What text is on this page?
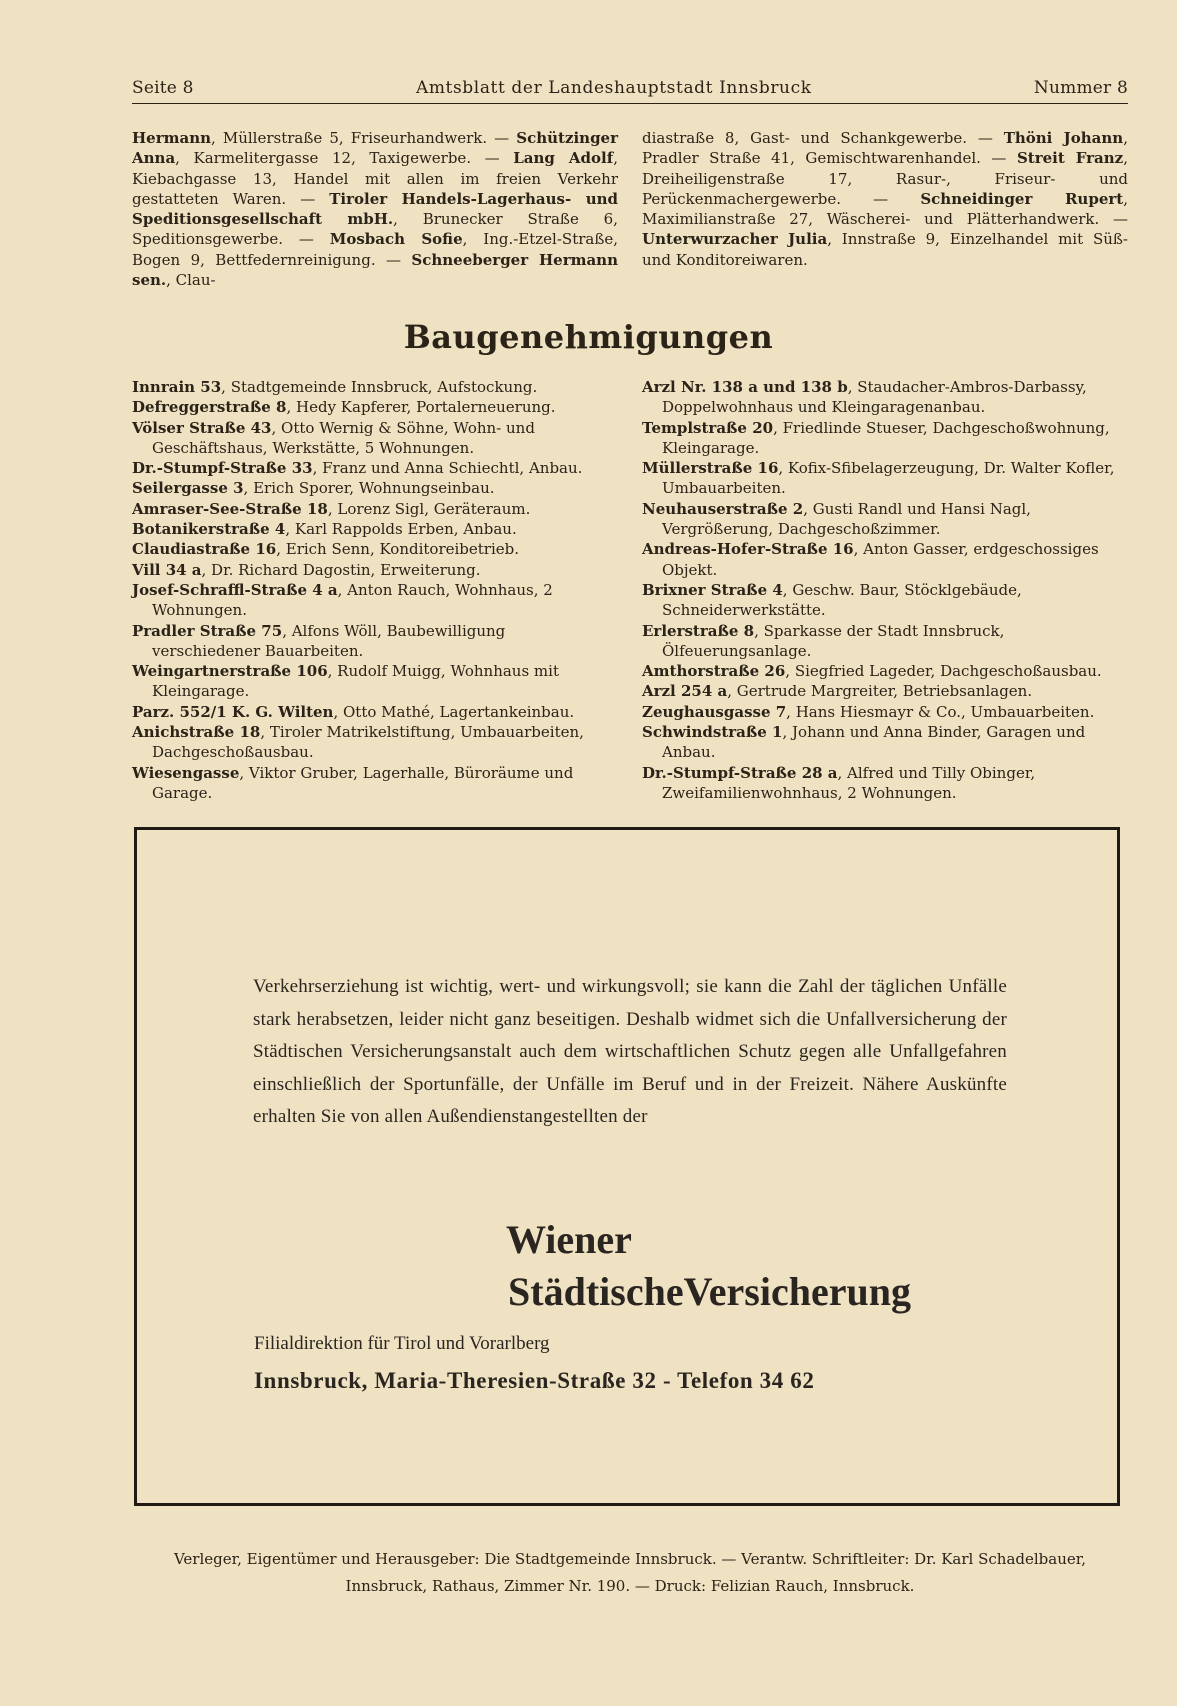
Seite 8	Amtsblatt der Landeshauptstadt Innsbruck	Nummer 8
Hermann, Müllerstraße 5, Friseurhandwerk. — Schützinger Anna, Karmelitergasse 12, Taxigewerbe. — Lang Adolf, Kiebachgasse 13, Handel mit allen im freien Verkehr gestatteten Waren. — Tiroler Handels-Lagerhaus- und Speditionsgesellschaft mbH., Brunecker Straße 6, Speditionsgewerbe. — Mosbach Sofie, Ing.-Etzel-Straße, Bogen 9, Bettfedernreinigung. — Schneeberger Hermann sen., Clau-
diastraße 8, Gast- und Schankgewerbe. — Thöni Johann, Pradler Straße 41, Gemischtwarenhandel. — Streit Franz, Dreiheiligenstraße 17, Rasur-, Friseur- und Perückenmachergewerbe. — Schneidinger Rupert, Maximilianstraße 27, Wäscherei- und Plätterhandwerk. — Unterwurzacher Julia, Innstraße 9, Einzelhandel mit Süß- und Konditoreiwaren.
Baugenehmigungen

Innrain 53, Stadtgemeinde Innsbruck, Aufstockung.

Defreggerstraße 8, Hedy Kapferer, Portalerneuerung.

Völser Straße 43, Otto Wernig & Söhne, Wohn- und Geschäftshaus, Werkstätte, 5 Wohnungen.

Dr.-Stumpf-Straße 33, Franz und Anna Schiechtl, Anbau.

Seilergasse 3, Erich Sporer, Wohnungseinbau.

Amraser-See-Straße 18, Lorenz Sigl, Geräteraum.

Botanikerstraße 4, Karl Rappolds Erben, Anbau.

Claudiastraße 16, Erich Senn, Konditoreibetrieb.

Vill 34 a, Dr. Richard Dagostin, Erweiterung.

Josef-Schraffl-Straße 4 a, Anton Rauch, Wohnhaus, 2 Wohnungen.

Pradler Straße 75, Alfons Wöll, Baubewilligung verschiedener Bauarbeiten.

Weingartnerstraße 106, Rudolf Muigg, Wohnhaus mit Kleingarage.

Parz. 552/1 K. G. Wilten, Otto Mathé, Lagertankeinbau.

Anichstraße 18, Tiroler Matrikelstiftung, Umbauarbeiten, Dachgeschoßausbau.

Wiesengasse, Viktor Gruber, Lagerhalle, Büroräume und Garage.

Arzl Nr. 138 a und 138 b, Staudacher-Ambros-Darbassy, Doppelwohnhaus und Kleingaragenanbau.

Templstraße 20, Friedlinde Stueser, Dachgeschoßwohnung, Kleingarage.

Müllerstraße 16, Kofix-Sfibelagerzeugung, Dr. Walter Kofler, Umbauarbeiten.

Neuhauserstraße 2, Gusti Randl und Hansi Nagl, Vergrößerung, Dachgeschoßzimmer.

Andreas-Hofer-Straße 16, Anton Gasser, erdgeschossiges Objekt.

Brixner Straße 4, Geschw. Baur, Stöcklgebäude, Schneiderwerkstätte.

Erlerstraße 8, Sparkasse der Stadt Innsbruck, Ölfeuerungsanlage.

Amthorstraße 26, Siegfried Lageder, Dachgeschoßausbau.

Arzl 254 a, Gertrude Margreiter, Betriebsanlagen.

Zeughausgasse 7, Hans Hiesmayr & Co., Umbauarbeiten.

Schwindstraße 1, Johann und Anna Binder, Garagen und Anbau.

Dr.-Stumpf-Straße 28 a, Alfred und Tilly Obinger, Zweifamilienwohnhaus, 2 Wohnungen.

Verkehrserziehung ist wichtig, wert- und wirkungsvoll; sie kann die Zahl der täglichen Unfälle stark herabsetzen, leider nicht ganz beseitigen. Deshalb widmet sich die Unfallversicherung der Städtischen Versicherungsanstalt auch dem wirtschaftlichen Schutz gegen alle Unfallgefahren einschließlich der Sportunfälle, der Unfälle im Beruf und in der Freizeit. Nähere Auskünfte erhalten Sie von allen Außendienstangestellten der
Wiener
StädtischeVersicherung
Filialdirektion für Tirol und Vorarlberg
Innsbruck, Maria-Theresien-Straße 32 - Telefon 34 62
Verleger, Eigentümer und Herausgeber: Die Stadtgemeinde Innsbruck. — Verantw. Schriftleiter: Dr. Karl Schadelbauer,
Innsbruck, Rathaus, Zimmer Nr. 190. — Druck: Felizian Rauch, Innsbruck.
